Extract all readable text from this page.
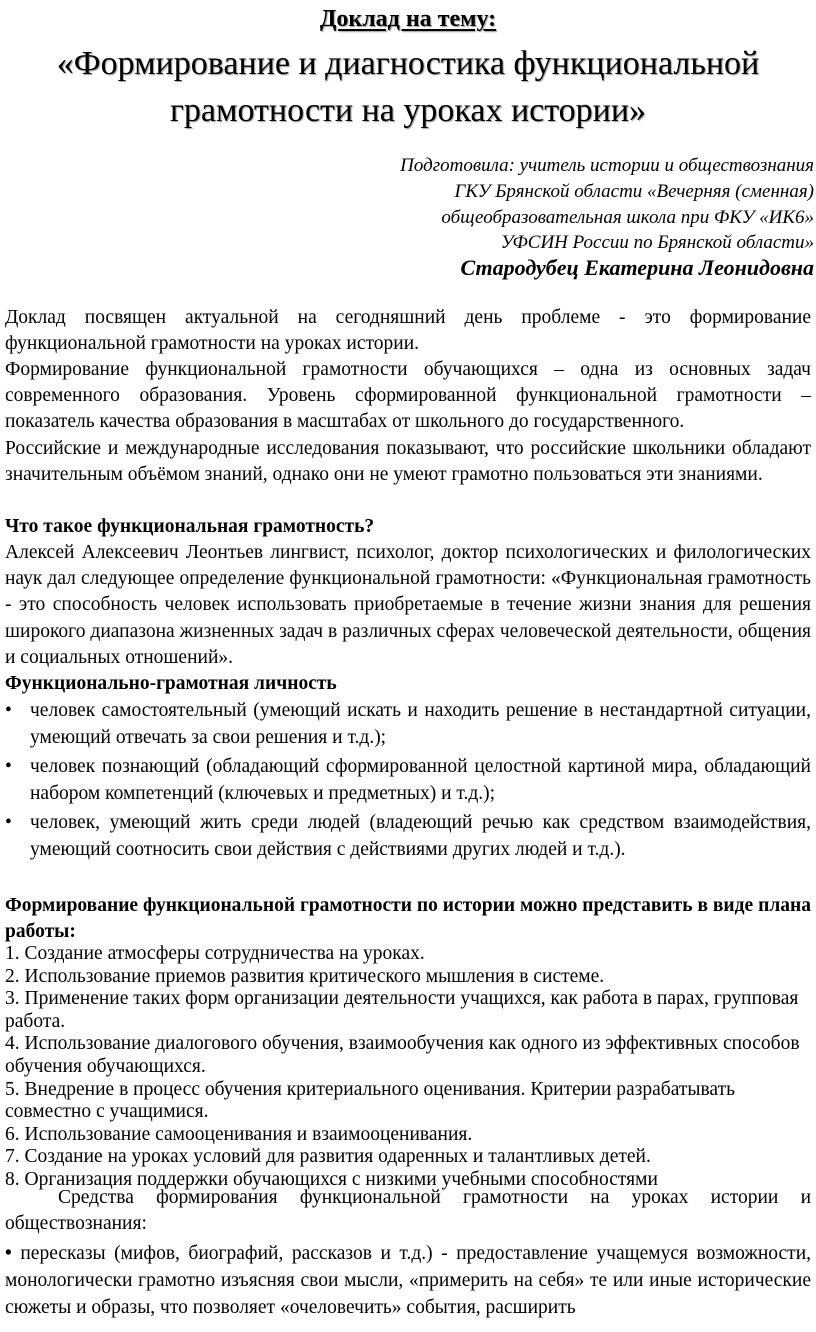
Доклад на тему:
«Формирование и диагностика функциональной грамотности на уроках истории»
Подготовила: учитель истории и обществознания
ГКУ Брянской области «Вечерняя (сменная)
общеобразовательная школа при ФКУ «ИК6»
УФСИН России по Брянской области»
Стародубец Екатерина Леонидовна
Доклад посвящен актуальной на сегодняшний день проблеме - это формирование функциональной грамотности на уроках истории.
Формирование функциональной грамотности обучающихся – одна из основных задач современного образования. Уровень сформированной функциональной грамотности – показатель качества образования в масштабах от школьного до государственного.
Российские и международные исследования показывают, что российские школьники обладают значительным объёмом знаний, однако они не умеют грамотно пользоваться эти знаниями.
Что такое функциональная грамотность?
Алексей Алексеевич Леонтьев лингвист, психолог, доктор психологических и филологических наук дал следующее определение функциональной грамотности: «Функциональная грамотность - это способность человек использовать приобретаемые в течение жизни знания для решения широкого диапазона жизненных задач в различных сферах человеческой деятельности, общения и социальных отношений».
Функционально-грамотная личность
• человек самостоятельный (умеющий искать и находить решение в нестандартной ситуации, умеющий отвечать за свои решения и т.д.);
• человек познающий (обладающий сформированной целостной картиной мира, обладающий набором компетенций (ключевых и предметных) и т.д.);
• человек, умеющий жить среди людей (владеющий речью как средством взаимодействия, умеющий соотносить свои действия с действиями других людей и т.д.).
Формирование функциональной грамотности по истории можно представить в виде плана работы:
1. Создание атмосферы сотрудничества на уроках.
2. Использование приемов развития критического мышления в системе.
3. Применение таких форм организации деятельности учащихся, как работа в парах, групповая работа.
4. Использование диалогового обучения, взаимообучения как одного из эффективных способов обучения обучающихся.
5. Внедрение в процесс обучения критериального оценивания. Критерии разрабатывать совместно с учащимися.
6. Использование самооценивания и взаимооценивания.
7. Создание на уроках условий для развития одаренных и талантливых детей.
8. Организация поддержки обучающихся с низкими учебными способностями
Средства формирования функциональной грамотности на уроках истории и обществознания:
• пересказы (мифов, биографий, рассказов и т.д.) - предоставление учащемуся возможности, монологически грамотно изъясняя свои мысли, «примерить на себя» те или иные исторические сюжеты и образы, что позволяет «очеловечить» события, расширить
